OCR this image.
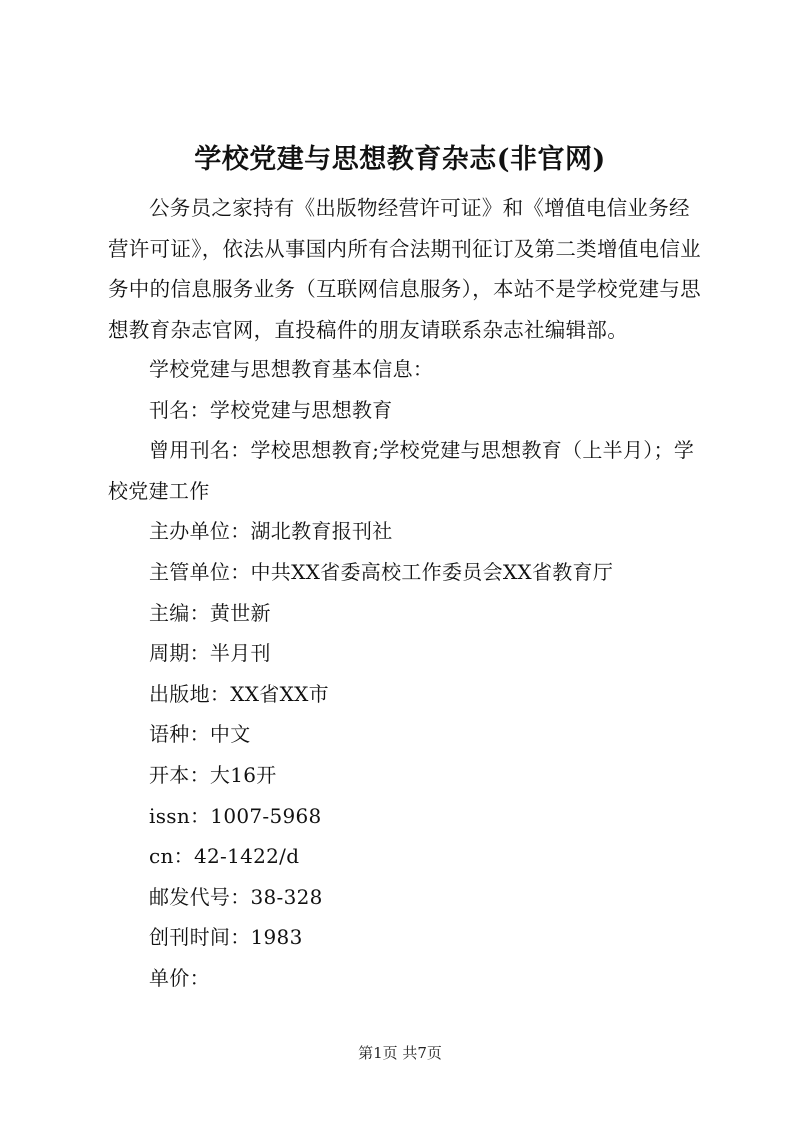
学校党建与思想教育杂志(非官网)

公务员之家持有《出版物经营许可证》和《增值电信业务经营许可证》，依法从事国内所有合法期刊征订及第二类增值电信业务中的信息服务业务（互联网信息服务），本站不是学校党建与思想教育杂志官网，直投稿件的朋友请联系杂志社编辑部。

学校党建与思想教育基本信息：
刊名：学校党建与思想教育
曾用刊名：学校思想教育;学校党建与思想教育（上半月）；学校党建工作
主办单位：湖北教育报刊社
主管单位：中共XX省委高校工作委员会XX省教育厅
主编：黄世新
周期：半月刊
出版地：XX省XX市
语种：中文
开本：大16开
issn：1007-5968
cn：42-1422/d
邮发代号：38-328
创刊时间：1983
单价：
第1页 共7页
